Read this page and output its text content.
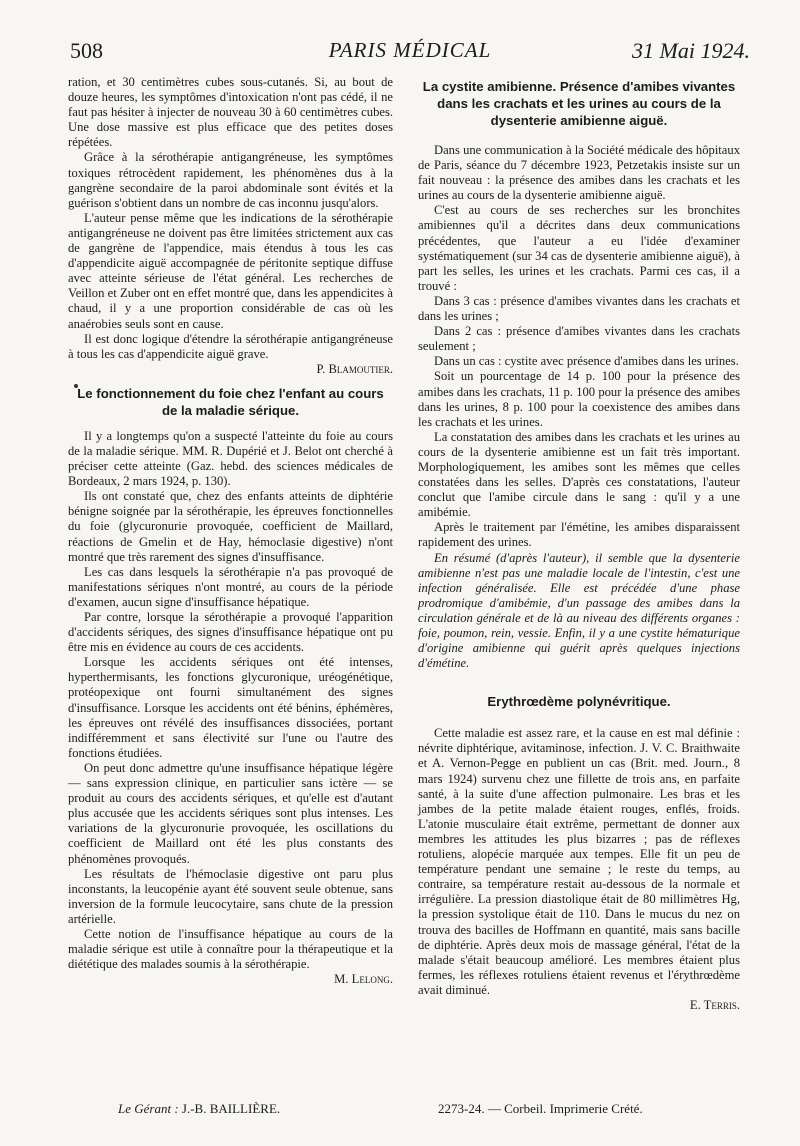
508	PARIS MÉDICAL	31 Mai 1924.

ration, et 30 centimètres cubes sous-cutanés. Si, au bout de douze heures, les symptômes d'intoxication n'ont pas cédé, il ne faut pas hésiter à injecter de nouveau 30 à 60 centimètres cubes. Une dose massive est plus efficace que des petites doses répétées.

Grâce à la sérothérapie antigangréneuse, les symptômes toxiques rétrocèdent rapidement, les phénomènes dus à la gangrène secondaire de la paroi abdominale sont évités et la guérison s'obtient dans un nombre de cas inconnu jusqu'alors.

L'auteur pense même que les indications de la sérothérapie antigangréneuse ne doivent pas être limitées strictement aux cas de gangrène de l'appendice, mais étendus à tous les cas d'appendicite aiguë accompagnée de péritonite septique diffuse avec atteinte sérieuse de l'état général. Les recherches de Veillon et Zuber ont en effet montré que, dans les appendicites à chaud, il y a une proportion considérable de cas où les anaérobies seuls sont en cause.

Il est donc logique d'étendre la sérothérapie antigangréneuse à tous les cas d'appendicite aiguë grave.

P. Blamoutier.

Le fonctionnement du foie chez l'enfant au cours de la maladie sérique.

Il y a longtemps qu'on a suspecté l'atteinte du foie au cours de la maladie sérique. MM. R. Dupérié et J. Belot ont cherché à préciser cette atteinte (Gaz. hebd. des sciences médicales de Bordeaux, 2 mars 1924, p. 130).

Ils ont constaté que, chez des enfants atteints de diphtérie bénigne soignée par la sérothérapie, les épreuves fonctionnelles du foie (glycuronurie provoquée, coefficient de Maillard, réactions de Gmelin et de Hay, hémoclasie digestive) n'ont montré que très rarement des signes d'insuffisance.

Les cas dans lesquels la sérothérapie n'a pas provoqué de manifestations sériques n'ont montré, au cours de la période d'examen, aucun signe d'insuffisance hépatique.

Par contre, lorsque la sérothérapie a provoqué l'apparition d'accidents sériques, des signes d'insuffisance hépatique ont pu être mis en évidence au cours de ces accidents.

Lorsque les accidents sériques ont été intenses, hyperthermisants, les fonctions glycuronique, uréogénétique, protéopexique ont fourni simultanément des signes d'insuffisance. Lorsque les accidents ont été bénins, éphémères, les épreuves ont révélé des insuffisances dissociées, portant indifféremment et sans électivité sur l'une ou l'autre des fonctions étudiées.

On peut donc admettre qu'une insuffisance hépatique légère — sans expression clinique, en particulier sans ictère — se produit au cours des accidents sériques, et qu'elle est d'autant plus accusée que les accidents sériques sont plus intenses. Les variations de la glycuronurie provoquée, les oscillations du coefficient de Maillard ont été les plus constants des phénomènes provoqués.

Les résultats de l'hémoclasie digestive ont paru plus inconstants, la leucopénie ayant été souvent seule obtenue, sans inversion de la formule leucocytaire, sans chute de la pression artérielle.

Cette notion de l'insuffisance hépatique au cours de la maladie sérique est utile à connaître pour la thérapeutique et la diététique des malades soumis à la sérothérapie.

M. Lelong.

La cystite amibienne. Présence d'amibes vivantes dans les crachats et les urines au cours de la dysenterie amibienne aiguë.

Dans une communication à la Société médicale des hôpitaux de Paris, séance du 7 décembre 1923, Petzetakis insiste sur un fait nouveau : la présence des amibes dans les crachats et les urines au cours de la dysenterie amibienne aiguë.

C'est au cours de ses recherches sur les bronchites amibiennes qu'il a décrites dans deux communications précédentes, que l'auteur a eu l'idée d'examiner systématiquement (sur 34 cas de dysenterie amibienne aiguë), à part les selles, les urines et les crachats. Parmi ces cas, il a trouvé :

Dans 3 cas : présence d'amibes vivantes dans les crachats et dans les urines ;

Dans 2 cas : présence d'amibes vivantes dans les crachats seulement ;

Dans un cas : cystite avec présence d'amibes dans les urines.

Soit un pourcentage de 14 p. 100 pour la présence des amibes dans les crachats, 11 p. 100 pour la présence des amibes dans les urines, 8 p. 100 pour la coexistence des amibes dans les crachats et les urines.

La constatation des amibes dans les crachats et les urines au cours de la dysenterie amibienne est un fait très important. Morphologiquement, les amibes sont les mêmes que celles constatées dans les selles. D'après ces constatations, l'auteur conclut que l'amibe circule dans le sang : qu'il y a une amibémie.

Après le traitement par l'émétine, les amibes disparaissent rapidement des urines.

En résumé (d'après l'auteur), il semble que la dysenterie amibienne n'est pas une maladie locale de l'intestin, c'est une infection généralisée. Elle est précédée d'une phase prodromique d'amibémie, d'un passage des amibes dans la circulation générale et de là au niveau des différents organes : foie, poumon, rein, vessie. Enfin, il y a une cystite hématurique d'origine amibienne qui guérit après quelques injections d'émétine.

Erythrœdème polynévritique.

Cette maladie est assez rare, et la cause en est mal définie : névrite diphtérique, avitaminose, infection. J. V. C. Braithwaite et A. Vernon-Pegge en publient un cas (Brit. med. Journ., 8 mars 1924) survenu chez une fillette de trois ans, en parfaite santé, à la suite d'une affection pulmonaire. Les bras et les jambes de la petite malade étaient rouges, enflés, froids. L'atonie musculaire était extrême, permettant de donner aux membres les attitudes les plus bizarres ; pas de réflexes rotuliens, alopécie marquée aux tempes. Elle fit un peu de température pendant une semaine ; le reste du temps, au contraire, sa température restait au-dessous de la normale et irrégulière. La pression diastolique était de 80 millimètres Hg, la pression systolique était de 110. Dans le mucus du nez on trouva des bacilles de Hoffmann en quantité, mais sans bacille de diphtérie. Après deux mois de massage général, l'état de la malade s'était beaucoup amélioré. Les membres étaient plus fermes, les réflexes rotuliens étaient revenus et l'érythrœdème avait diminué.

E. Terris.

Le Gérant : J.-B. BAILLIÈRE.	2273-24. — Corbeil. Imprimerie Crété.
